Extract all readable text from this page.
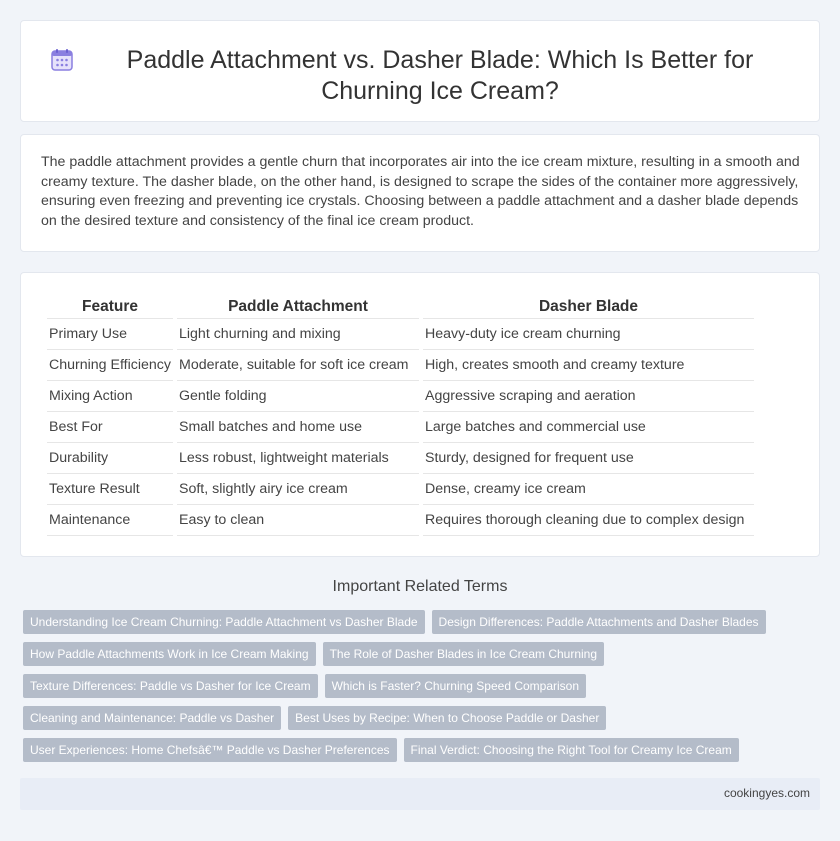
Paddle Attachment vs. Dasher Blade: Which Is Better for Churning Ice Cream?

The paddle attachment provides a gentle churn that incorporates air into the ice cream mixture, resulting in a smooth and creamy texture. The dasher blade, on the other hand, is designed to scrape the sides of the container more aggressively, ensuring even freezing and preventing ice crystals. Choosing between a paddle attachment and a dasher blade depends on the desired texture and consistency of the final ice cream product.

Feature	Paddle Attachment	Dasher Blade
Primary Use	Light churning and mixing	Heavy-duty ice cream churning
Churning Efficiency	Moderate, suitable for soft ice cream	High, creates smooth and creamy texture
Mixing Action	Gentle folding	Aggressive scraping and aeration
Best For	Small batches and home use	Large batches and commercial use
Durability	Less robust, lightweight materials	Sturdy, designed for frequent use
Texture Result	Soft, slightly airy ice cream	Dense, creamy ice cream
Maintenance	Easy to clean	Requires thorough cleaning due to complex design
Important Related Terms
Understanding Ice Cream Churning: Paddle Attachment vs Dasher Blade	Design Differences: Paddle Attachments and Dasher Blades
How Paddle Attachments Work in Ice Cream Making	The Role of Dasher Blades in Ice Cream Churning
Texture Differences: Paddle vs Dasher for Ice Cream	Which is Faster? Churning Speed Comparison
Cleaning and Maintenance: Paddle vs Dasher	Best Uses by Recipe: When to Choose Paddle or Dasher
User Experiences: Home Chefsâ€™ Paddle vs Dasher Preferences	Final Verdict: Choosing the Right Tool for Creamy Ice Cream
cookingyes.com
